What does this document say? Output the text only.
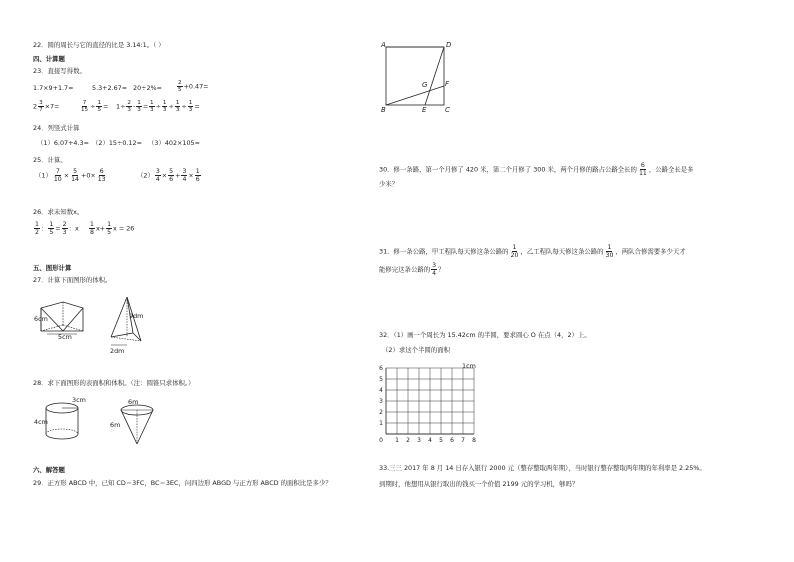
22．圆的周长与它的直径的比是 3.14:1。（ ）
四、计算题
23．直接写得数。
1.7×9+1.7=	5.3+2.67= 20÷2%=	$\frac{2}{5} +0.47=$
$2 \frac{3}{7} \times 7=$	$\frac{7}{15} \div \frac{1}{5} = 1\div \frac{2}{3} - \frac{1}{3} = \frac{1}{3} \div \frac{1}{3} \div \frac{1}{3} \div \frac{1}{3}$ =
24．列竖式计算
（1）6.07+4.3= （2）15÷0.12= （3）402×105=
25．计算。
$(1) \frac{7}{10} \times \frac{5}{14} +0\times \frac{6}{13}$	$(2) \frac{3}{4} \times \frac{5}{6} + \frac{3}{4} \times \frac{1}{6}$
26．求未知数x。
$\frac{1}{2}$ ： $\frac{1}{5} = \frac{2}{3}$ ：x $\frac{1}{8} x+ \frac{1}{5}$ x = 26
五、图形计算
27．计算下面图形的体积。
6cm
5cm
9dm
2dm
28．求下面图形的表面积和体积。（注：圆锥只求体积。）
3cm
4cm
6m
6m
六、解答题
29．正方形 ABCD 中，已知 CD＝3FC，BC＝3EC，问四边形 ABGD 与正方形 ABCD 的面积比是多少？
A	D
G	F
B	E	C
30．修一条路，第一个月修了 420 米，第二个月修了 300 米，两个月修的路占公路全长的 $\frac{6}{11}$ ，公路全长是多
少米？
31．修一条公路，甲工程队每天修这条公路的 $\frac{1}{20}$ ，乙工程队每天修这条公路的 $\frac{1}{30}$ ，两队合修需要多少天才
能修完这条公路的 $\frac{3}{4}$ ？
32．（1）画一个周长为 15.42cm 的半圆，要求圆心 O 在点（4，2）上。
（2）求这个半圆的面积
1 2 3 4 5 6 7 8
1
2
3
4
5
6
0
1cm
33.三三 2017 年 8 月 14 日存入银行 2000 元（整存整取两年期），当时银行整存整取两年期的年利率是 2.25%。
到期时，他想用从银行取出的钱买一个价值 2199 元的学习机，够吗？
